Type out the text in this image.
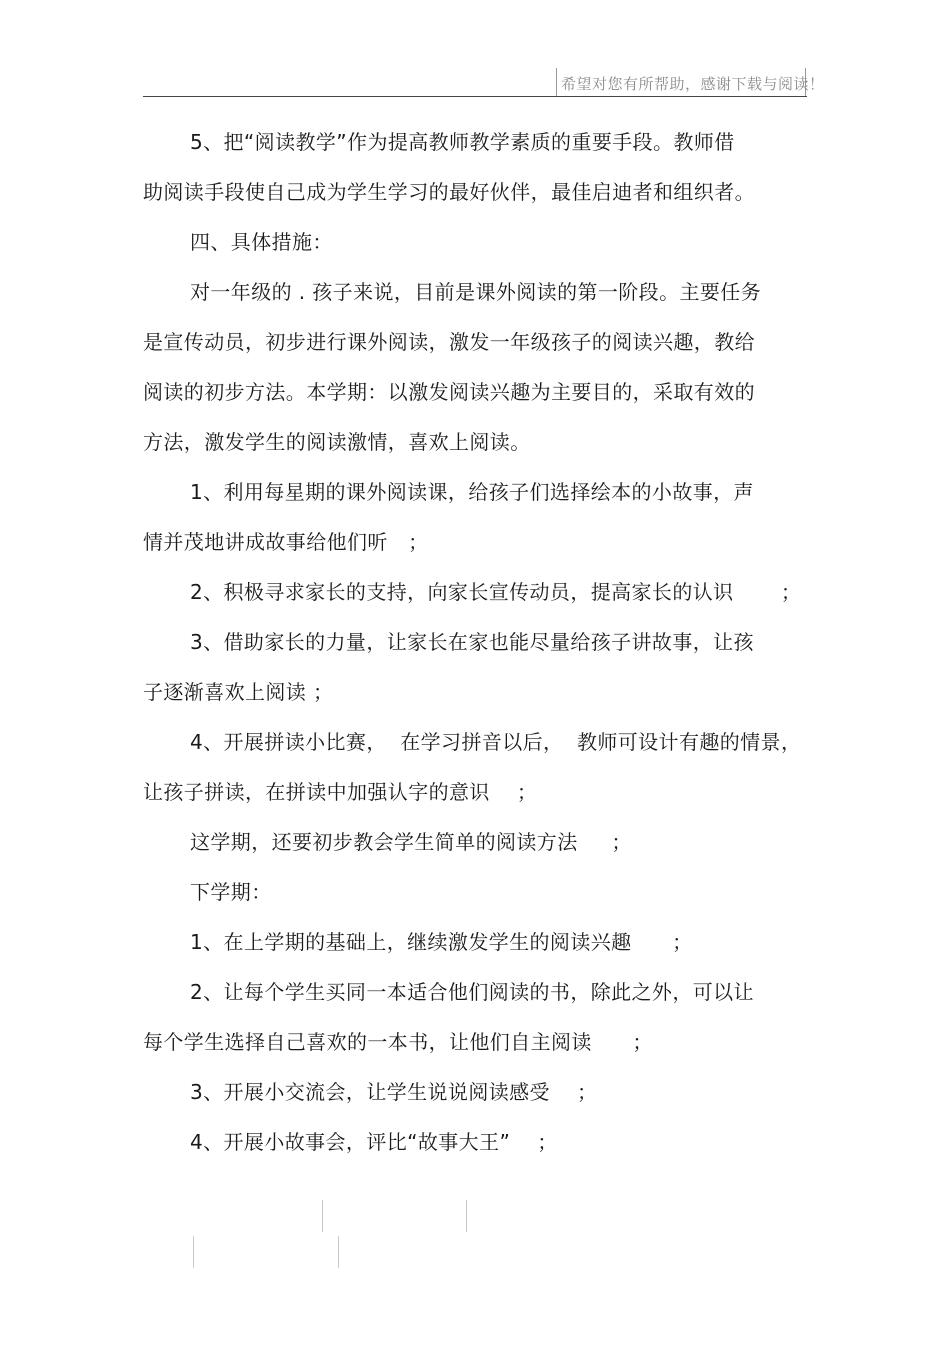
希望对您有所帮助，感谢下载与阅读！
5、把“阅读教学”作为提高教师教学素质的重要手段。教师借
助阅读手段使自己成为学生学习的最好伙伴，最佳启迪者和组织者。
四、具体措施：
对一年级的 . 孩子来说，目前是课外阅读的第一阶段。主要任务
是宣传动员，初步进行课外阅读，激发一年级孩子的阅读兴趣，教给
阅读的初步方法。本学期：以激发阅读兴趣为主要目的，采取有效的
方法，激发学生的阅读激情，喜欢上阅读。
1、利用每星期的课外阅读课，给孩子们选择绘本的小故事，声
情并茂地讲成故事给他们听   ；
2、积极寻求家长的支持，向家长宣传动员，提高家长的认识       ；
3、借助家长的力量，让家长在家也能尽量给孩子讲故事，让孩
子逐渐喜欢上阅读 ；
4、开展拼读小比赛，  在学习拼音以后，  教师可设计有趣的情景，
让孩子拼读，在拼读中加强认字的意识    ；
这学期，还要初步教会学生简单的阅读方法     ；
下学期：
1、在上学期的基础上，继续激发学生的阅读兴趣      ；
2、让每个学生买同一本适合他们阅读的书，除此之外，可以让
每个学生选择自己喜欢的一本书，让他们自主阅读      ；
3、开展小交流会，让学生说说阅读感受    ；
4、开展小故事会，评比“故事大王”    ；
